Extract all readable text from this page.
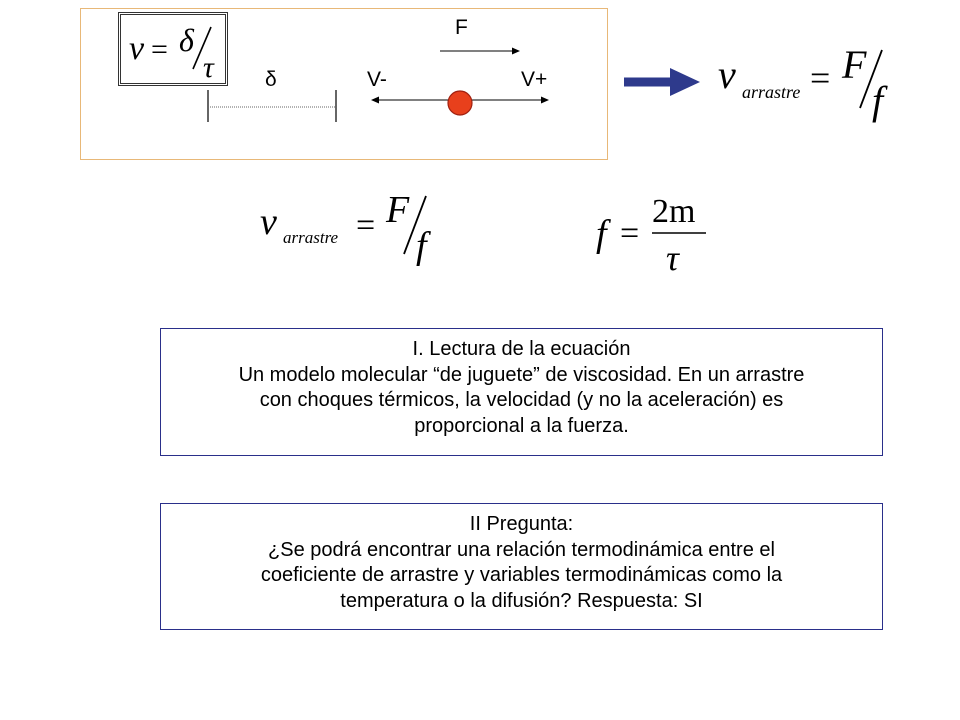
v = δ
τ
F
δ	V-	V+	v arrastre = F
f
v arrastre = F
f	f =
2m
τ
I. Lectura de la ecuación
Un modelo molecular “de juguete” de viscosidad. En un arrastre
con choques térmicos, la velocidad (y no la aceleración) es
proporcional a la fuerza.
II Pregunta:
¿Se podrá encontrar una relación termodinámica entre el
coeficiente de arrastre y variables termodinámicas como la
temperatura o la difusión? Respuesta: SI
